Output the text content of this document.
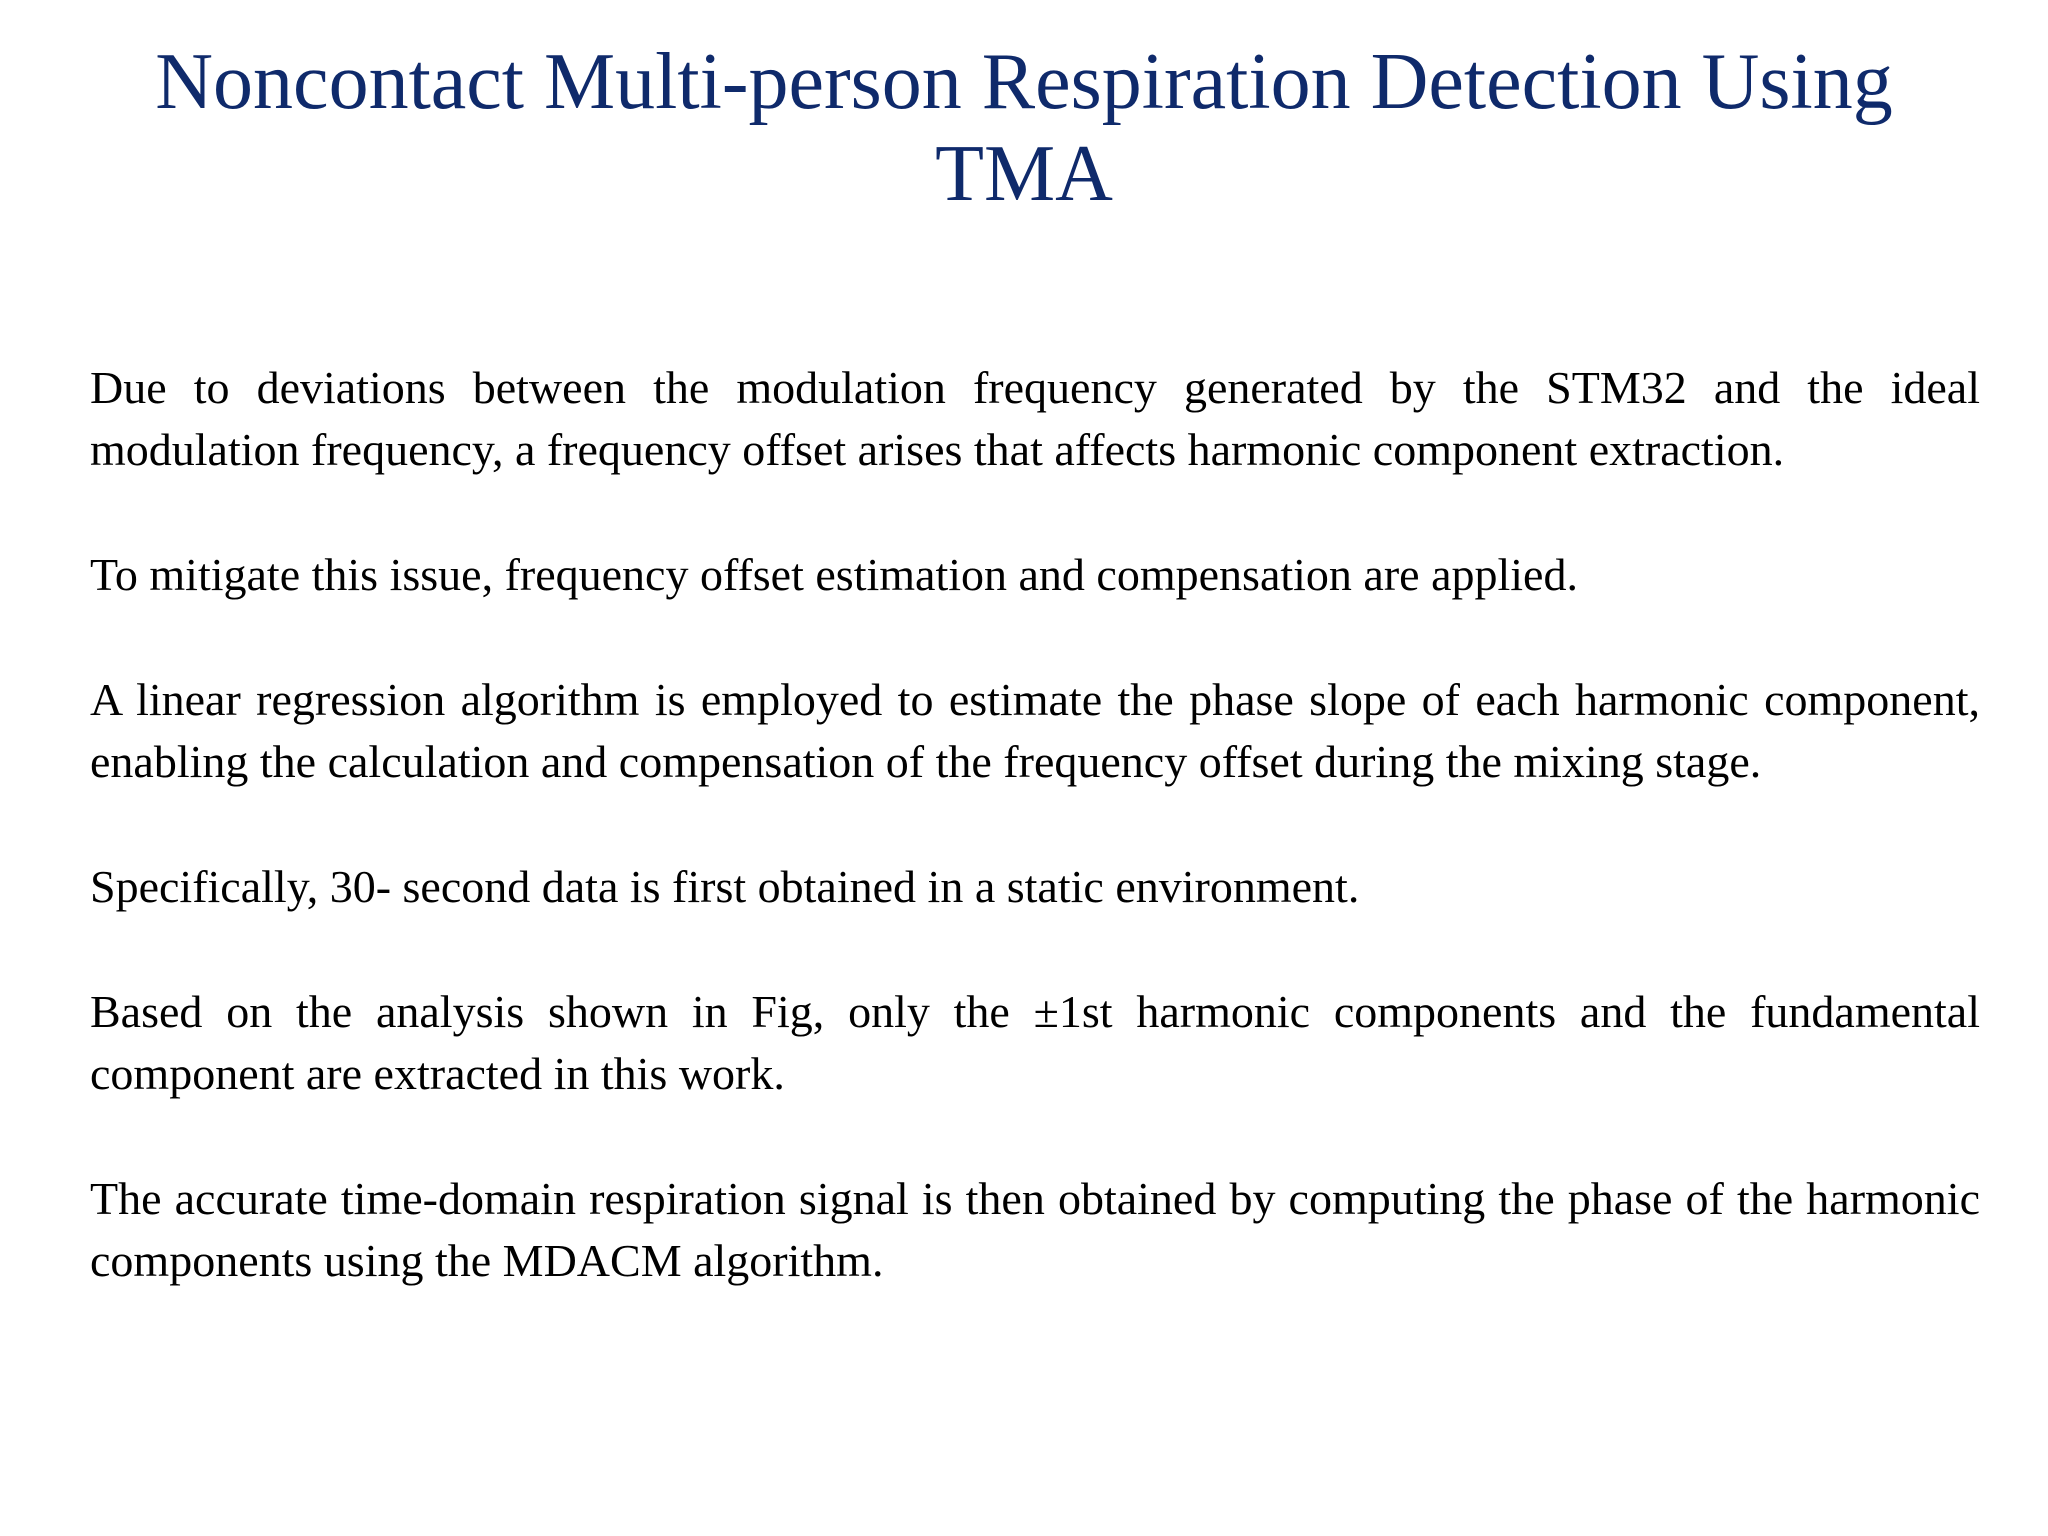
Noncontact Multi-person Respiration Detection Using TMA

Due to deviations between the modulation frequency generated by the STM32 and the ideal modulation frequency, a frequency offset arises that affects harmonic component extraction.

To mitigate this issue, frequency offset estimation and compensation are applied.

A linear regression algorithm is employed to estimate the phase slope of each harmonic component, enabling the calculation and compensation of the frequency offset during the mixing stage.

Specifically, 30- second data is first obtained in a static environment.

Based on the analysis shown in Fig, only the ±1st harmonic components and the fundamental component are extracted in this work.

The accurate time-domain respiration signal is then obtained by computing the phase of the harmonic components using the MDACM algorithm.
